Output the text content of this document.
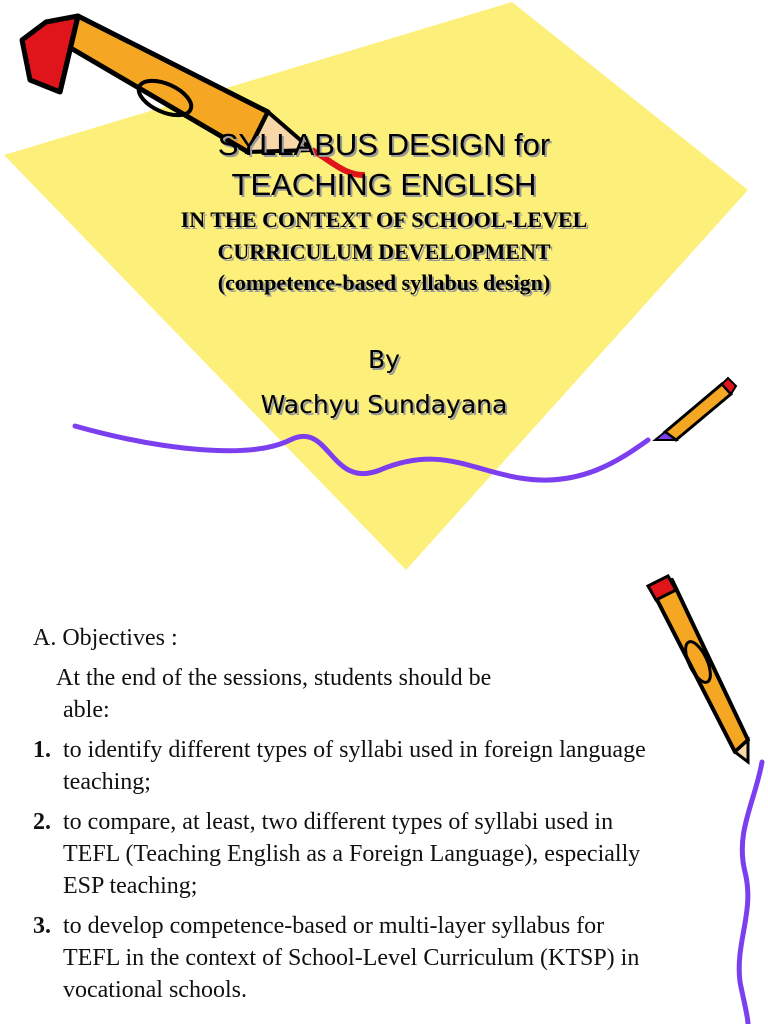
SYLLABUS DESIGN for
TEACHING ENGLISH
IN THE CONTEXT OF SCHOOL-LEVEL
CURRICULUM DEVELOPMENT
(competence-based syllabus design)
By
Wachyu Sundayana
A. Objectives :
At the end of the sessions, students should be
able:
1. to identify different types of syllabi used in foreign language teaching;
2. to compare, at least, two different types of syllabi used in TEFL (Teaching English as a Foreign Language), especially ESP teaching;
3. to develop competence-based or multi-layer syllabus for TEFL in the context of School-Level Curriculum (KTSP) in vocational schools.
